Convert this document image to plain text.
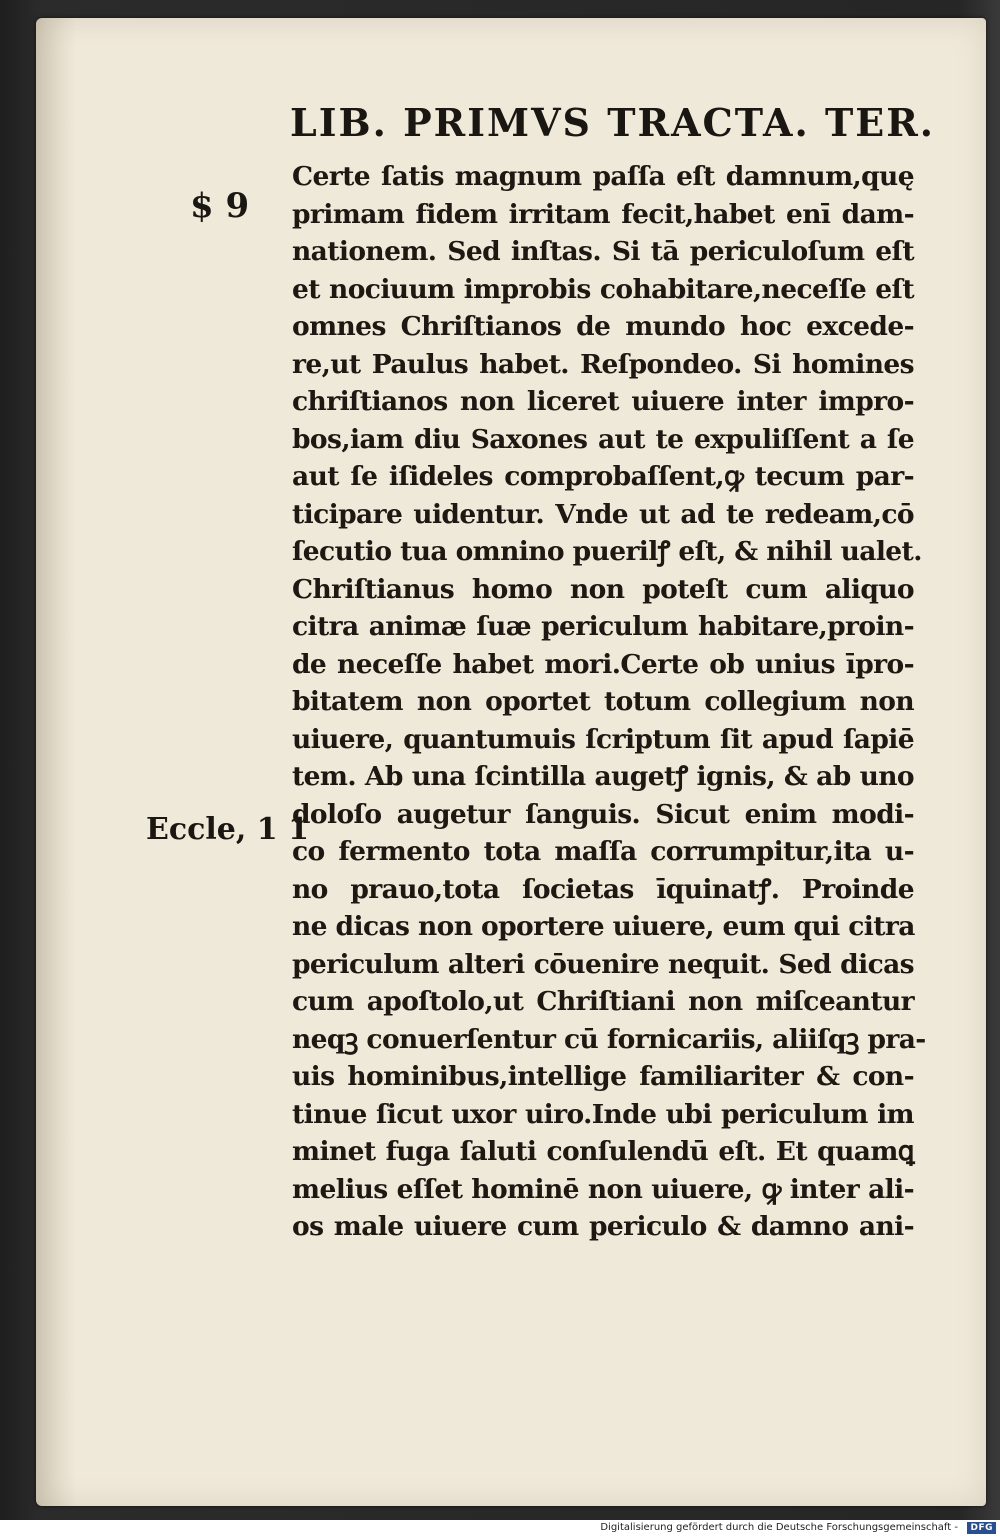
LIB. PRIMVS TRACTA. TER.
$ 9
Eccle, 1 1
Certe ſatis magnum paſſa eſt damnum,quę
primam fidem irritam fecit,habet enī dam-
nationem. Sed inſtas. Si tā periculoſum eſt
et nociuum improbis cohabitare,neceſſe eſt
omnes Chriſtianos de mundo hoc excede-
re,ut Paulus habet. Reſpondeo. Si homines
chriſtianos non liceret uiuere inter impro-
bos,iam diu Saxones aut te expuliſſent a ſe
aut ſe iſideles comprobaſſent,ꝙ tecum par-
ticipare uidentur. Vnde ut ad te redeam,cō
ſecutio tua omnino puerilꝭ eſt, & nihil ualet.
Chriſtianus homo non poteſt cum aliquo
citra animæ ſuæ periculum habitare,proin-
de neceſſe habet mori.Certe ob unius īpro-
bitatem non oportet totum collegium non
uiuere, quantumuis ſcriptum ſit apud ſapiē
tem. Ab una ſcintilla augetꝭ ignis, & ab uno
doloſo augetur ſanguis. Sicut enim modi-
co fermento tota maſſa corrumpitur,ita u-
no prauo,tota ſocietas īquinatꝭ. Proinde
ne dicas non oportere uiuere, eum qui citra
periculum alteri cōuenire nequit. Sed dicas
cum apoſtolo,ut Chriſtiani non miſceantur
neqꝫ conuerſentur cū fornicariis, aliiſqꝫ pra-
uis hominibus,intellige familiariter & con-
tinue ſicut uxor uiro.Inde ubi periculum im
minet fuga ſaluti conſulendū eſt. Et quamꝗ
melius eſſet hominē non uiuere, ꝙ inter ali-
os male uiuere cum periculo & damno ani-
Digitalisierung gefördert durch die Deutsche Forschungsgemeinschaft -	DFG
